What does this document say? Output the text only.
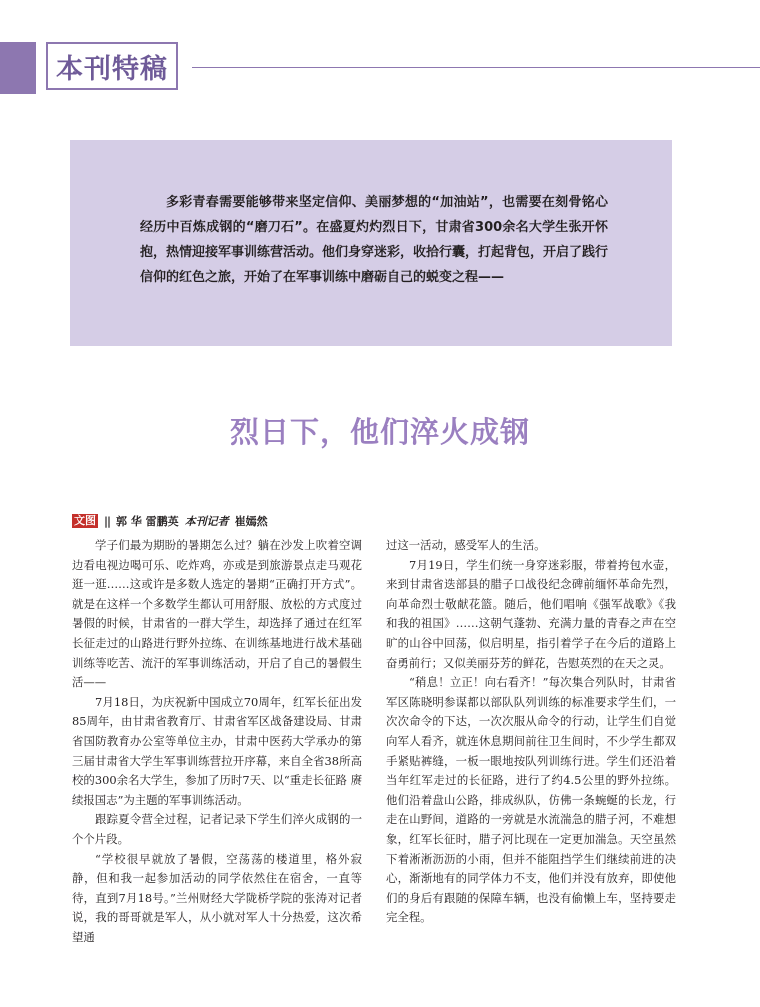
本刊特稿

多彩青春需要能够带来坚定信仰、美丽梦想的“加油站”，也需要在刻骨铭心经历中百炼成钢的“磨刀石”。在盛夏灼灼烈日下，甘肃省300余名大学生张开怀抱，热情迎接军事训练营活动。他们身穿迷彩，收拾行囊，打起背包，开启了践行信仰的红色之旅，开始了在军事训练中磨砺自己的蜕变之程——

烈日下，他们淬火成钢
文图 || 郭 华 雷鹏英 本刊记者 崔嫣然

学子们最为期盼的暑期怎么过？躺在沙发上吹着空调边看电视边喝可乐、吃炸鸡，亦或是到旅游景点走马观花逛一逛……这或许是多数人选定的暑期“正确打开方式”。就是在这样一个多数学生都认可用舒服、放松的方式度过暑假的时候，甘肃省的一群大学生，却选择了通过在红军长征走过的山路进行野外拉练、在训练基地进行战术基础训练等吃苦、流汗的军事训练活动，开启了自己的暑假生活——

7月18日，为庆祝新中国成立70周年，红军长征出发85周年，由甘肃省教育厅、甘肃省军区战备建设局、甘肃省国防教育办公室等单位主办，甘肃中医药大学承办的第三届甘肃省大学生军事训练营拉开序幕，来自全省38所高校的300余名大学生，参加了历时7天、以“重走长征路 赓续报国志”为主题的军事训练活动。

跟踪夏令营全过程，记者记录下学生们淬火成钢的一个个片段。

“学校很早就放了暑假，空荡荡的楼道里，格外寂静，但和我一起参加活动的同学依然住在宿舍，一直等待，直到7月18号。”兰州财经大学陇桥学院的张涛对记者说，我的哥哥就是军人，从小就对军人十分热爱，这次希望通

过这一活动，感受军人的生活。

7月19日，学生们统一身穿迷彩服，带着挎包水壶，来到甘肃省迭部县的腊子口战役纪念碑前缅怀革命先烈，向革命烈士敬献花篮。随后，他们唱响《强军战歌》《我和我的祖国》……这朝气蓬勃、充满力量的青春之声在空旷的山谷中回荡，似启明星，指引着学子在今后的道路上奋勇前行；又似美丽芬芳的鲜花，告慰英烈的在天之灵。

“稍息！立正！向右看齐！”每次集合列队时，甘肃省军区陈晓明参谋都以部队队列训练的标准要求学生们，一次次命令的下达，一次次服从命令的行动，让学生们自觉向军人看齐，就连休息期间前往卫生间时，不少学生都双手紧贴裤缝，一板一眼地按队列训练行进。学生们还沿着当年红军走过的长征路，进行了约4.5公里的野外拉练。他们沿着盘山公路，排成纵队，仿佛一条蜿蜒的长龙，行走在山野间，道路的一旁就是水流湍急的腊子河，不难想象，红军长征时，腊子河比现在一定更加湍急。天空虽然下着淅淅沥沥的小雨，但并不能阻挡学生们继续前进的决心，渐渐地有的同学体力不支，他们并没有放弃，即使他们的身后有跟随的保障车辆，也没有偷懒上车，坚持要走完全程。
